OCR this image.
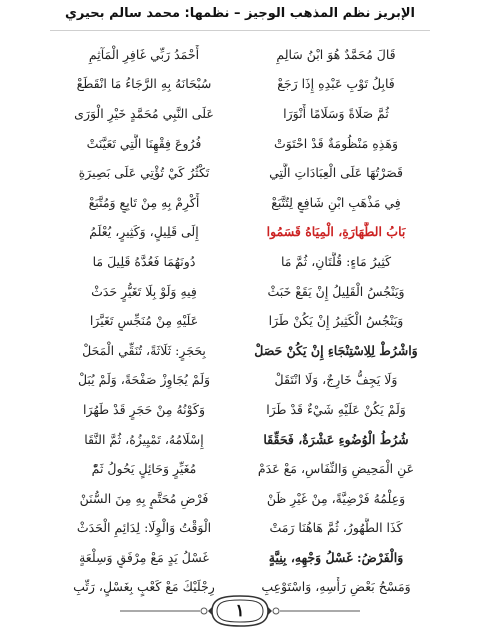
الإبريز نظم المذهب الوجيز – نظمها: محمد سالم بحيري
قَالَ مُحَمَّدٌ هُوَ ابْنُ سَالِمِ
أَحْمَدُ رَبِّي غَافِرِ الْمَآثِمِ
فَابِلُ تَوْبِ عَبْدِهِ إِذَا رَجَعْ
سُبْحَانَهُ بِهِ الرَّجَاءُ مَا انْقَطَعْ
ثُمَّ صَلَاةً وَسَلَامًا أَنْوَرَا
عَلَى النَّبِي مُحَمَّدٍ خَيْرِ الْوَرَى
وَهَذِهِ مَنْظُومَةٌ قَدْ احْتَوَتْ
فُرُوعَ فِقْهِنَا الَّتِي تَعَيَّنَتْ
قَصَرْتُهَا عَلَى الْعِبَادَاتِ الَّتِي
تَكْثُرُ كَيْ تُؤْتِي عَلَى بَصِيرَةِ
فِي مَذْهَبِ ابْنِ شَافِعٍ لِتُتَّبَعْ
أَكْرِمْ بِهِ مِنْ تَابِعٍ وَمُتَّبَعْ
بَابُ الطَّهَارَةِ، الْمِيَاهُ قَسَمُوا
إِلَى قَلِيلٍ، وَكَثِيرٍ، يُعْلَمُ
كَثِيرُ مَاءٍ: قُلَّتَانِ، ثُمَّ مَا
دُونَهُمَا فَعُدَّهُ قَلِيلَ مَا
وَيَنْجُسُ الْقَلِيلُ إِنْ يَقَعْ خَبَثْ
فِيهِ وَلَوْ بِلَا تَغَيُّرٍ حَدَثْ
وَيَنْجُسُ الْكَثِيرُ إِنْ يَكُنْ طَرَا
عَلَيْهِ مِنْ مُنَجِّسٍ تَغَيَّرَا
وَاشْرُطْ لِلِاسْتِنْجَاءِ إِنْ يَكُنْ حَصَلْ
بِحَجَرٍ: ثَلَاثَةً، تُنَقِّي الْمَحَلْ
وَلَا يَجِفُّ خَارِجٌ، وَلَا انْتَقَلْ
وَلَمْ يُجَاوِزْ صَفْحَةً، وَلَمْ يُبَلْ
وَلَمْ يَكُنْ عَلَيْهِ شَيْءٌ قَدْ طَرَا
وَكَوْنُهُ مِنْ حَجَرٍ قَدْ طَهُرَا
شُرُطُ الْوُضُوءِ عَشْرَةٌ، فَحَقِّقَا
إِسْلَامُهُ، تَمْيِيزُهُ، ثُمَّ النَّقَا
عَنِ الْمَحِيضِ وَالنِّفَاسِ، مَعْ عَدَمْ
مُغَيِّرٍ وَحَائِلٍ يَحُولُ ثَمّْ
وَعِلْمُهُ فَرْضِيَّةً، مِنْ غَيْرِ ظَنْ
فَرْضٍ مُحَتَّمٍ بِهِ مِنَ السُّنَنْ
كَذَا الطَّهُورُ، ثُمَّ هَاهُنَا رَمَتْ
الْوَقْتُ وَالْوِلَا: لِدَائِمِ الْحَدَثْ
وَالْفَرْضُ: غَسْلُ وَجْهِهِ، بِنِيَّةٍ
غَسْلُ يَدٍ مَعْ مِرْفَقٍ وَسِلْعَةٍ
وَمَسْحُ بَعْضِ رَأْسِهِ، وَاسْتَوْعِبِ
رِجْلَيْكَ مَعْ كَعْبٍ بِغَسْلٍ، رَتِّبِ
١
